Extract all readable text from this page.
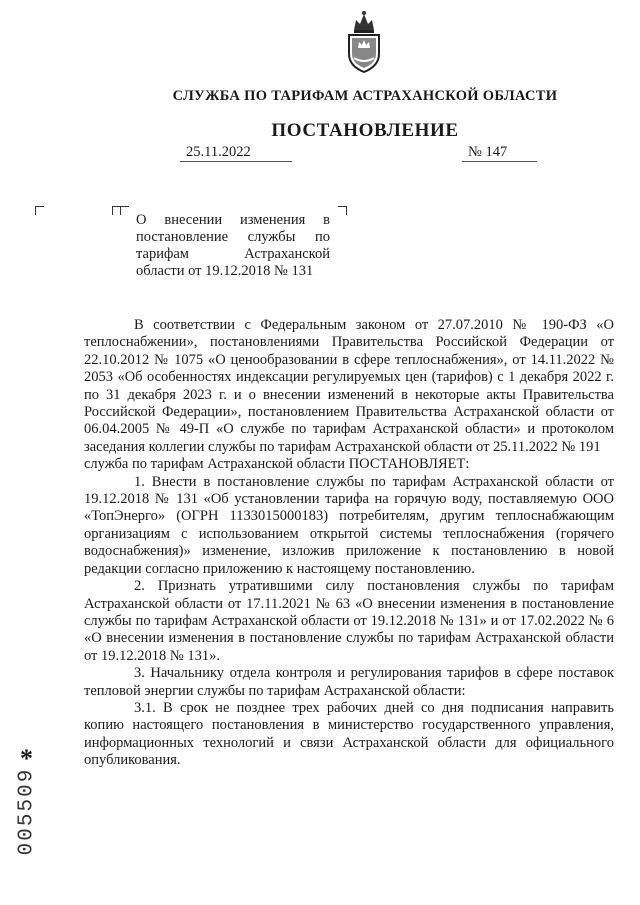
СЛУЖБА ПО ТАРИФАМ АСТРАХАНСКОЙ ОБЛАСТИ
ПОСТАНОВЛЕНИЕ
25.11.2022	№ 147
О внесении изменения в постановление службы по тарифам Астраханской области от 19.12.2018 № 131

В соответствии с Федеральным законом от 27.07.2010 № 190-ФЗ «О теплоснабжении», постановлениями Правительства Российской Федерации от 22.10.2012 № 1075 «О ценообразовании в сфере теплоснабжения», от 14.11.2022 № 2053 «Об особенностях индексации регулируемых цен (тарифов) с 1 декабря 2022 г. по 31 декабря 2023 г. и о внесении изменений в некоторые акты Правительства Российской Федерации», постановлением Правительства Астраханской области от 06.04.2005 № 49-П «О службе по тарифам Астраханской области» и протоколом заседания коллегии службы по тарифам Астраханской области от 25.11.2022 № 191

служба по тарифам Астраханской области ПОСТАНОВЛЯЕТ:

1. Внести в постановление службы по тарифам Астраханской области от 19.12.2018 № 131 «Об установлении тарифа на горячую воду, поставляемую ООО «ТопЭнерго» (ОГРН 1133015000183) потребителям, другим теплоснабжающим организациям с использованием открытой системы теплоснабжения (горячего водоснабжения)» изменение, изложив приложение к постановлению в новой редакции согласно приложению к настоящему постановлению.

2. Признать утратившими силу постановления службы по тарифам Астраханской области от 17.11.2021 № 63 «О внесении изменения в постановление службы по тарифам Астраханской области от 19.12.2018 № 131» и от 17.02.2022 № 6 «О внесении изменения в постановление службы по тарифам Астраханской области от 19.12.2018 № 131».

3. Начальнику отдела контроля и регулирования тарифов в сфере поставок тепловой энергии службы по тарифам Астраханской области:

3.1. В срок не позднее трех рабочих дней со дня подписания направить копию настоящего постановления в министерство государственного управления, информационных технологий и связи Астраханской области для официального опубликования.

*
005509
